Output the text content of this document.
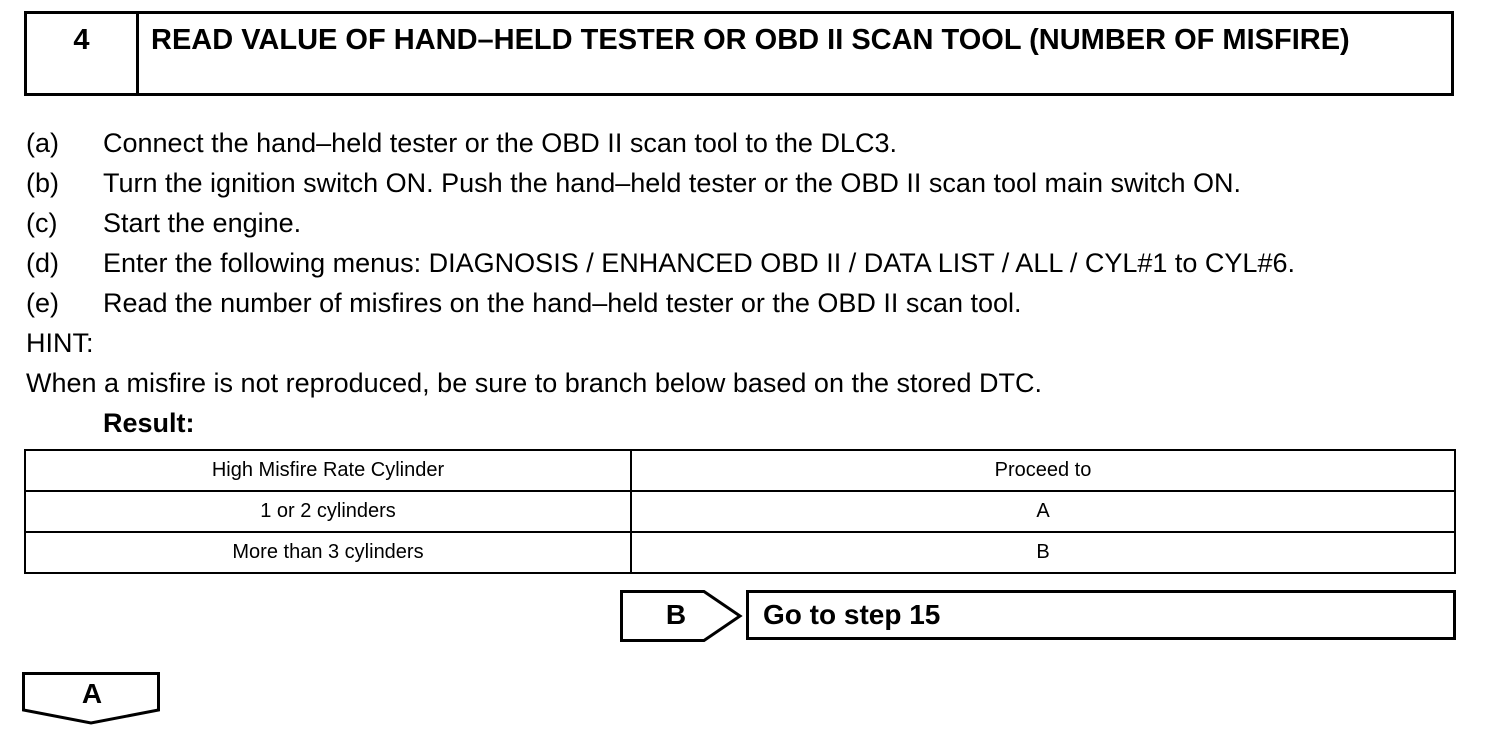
4	READ VALUE OF HAND–HELD TESTER OR OBD II SCAN TOOL (NUMBER OF MISFIRE)
(a)	Connect the hand–held tester or the OBD II scan tool to the DLC3.
(b)	Turn the ignition switch ON. Push the hand–held tester or the OBD II scan tool main switch ON.
(c)	Start the engine.
(d)	Enter the following menus: DIAGNOSIS / ENHANCED OBD II / DATA LIST / ALL / CYL#1 to CYL#6.
(e)	Read the number of misfires on the hand–held tester or the OBD II scan tool.
HINT:
When a misfire is not reproduced, be sure to branch below based on the stored DTC.
Result:
High Misfire Rate Cylinder	Proceed to
1 or 2 cylinders	A
More than 3 cylinders	B
B	Go to step 15
A
